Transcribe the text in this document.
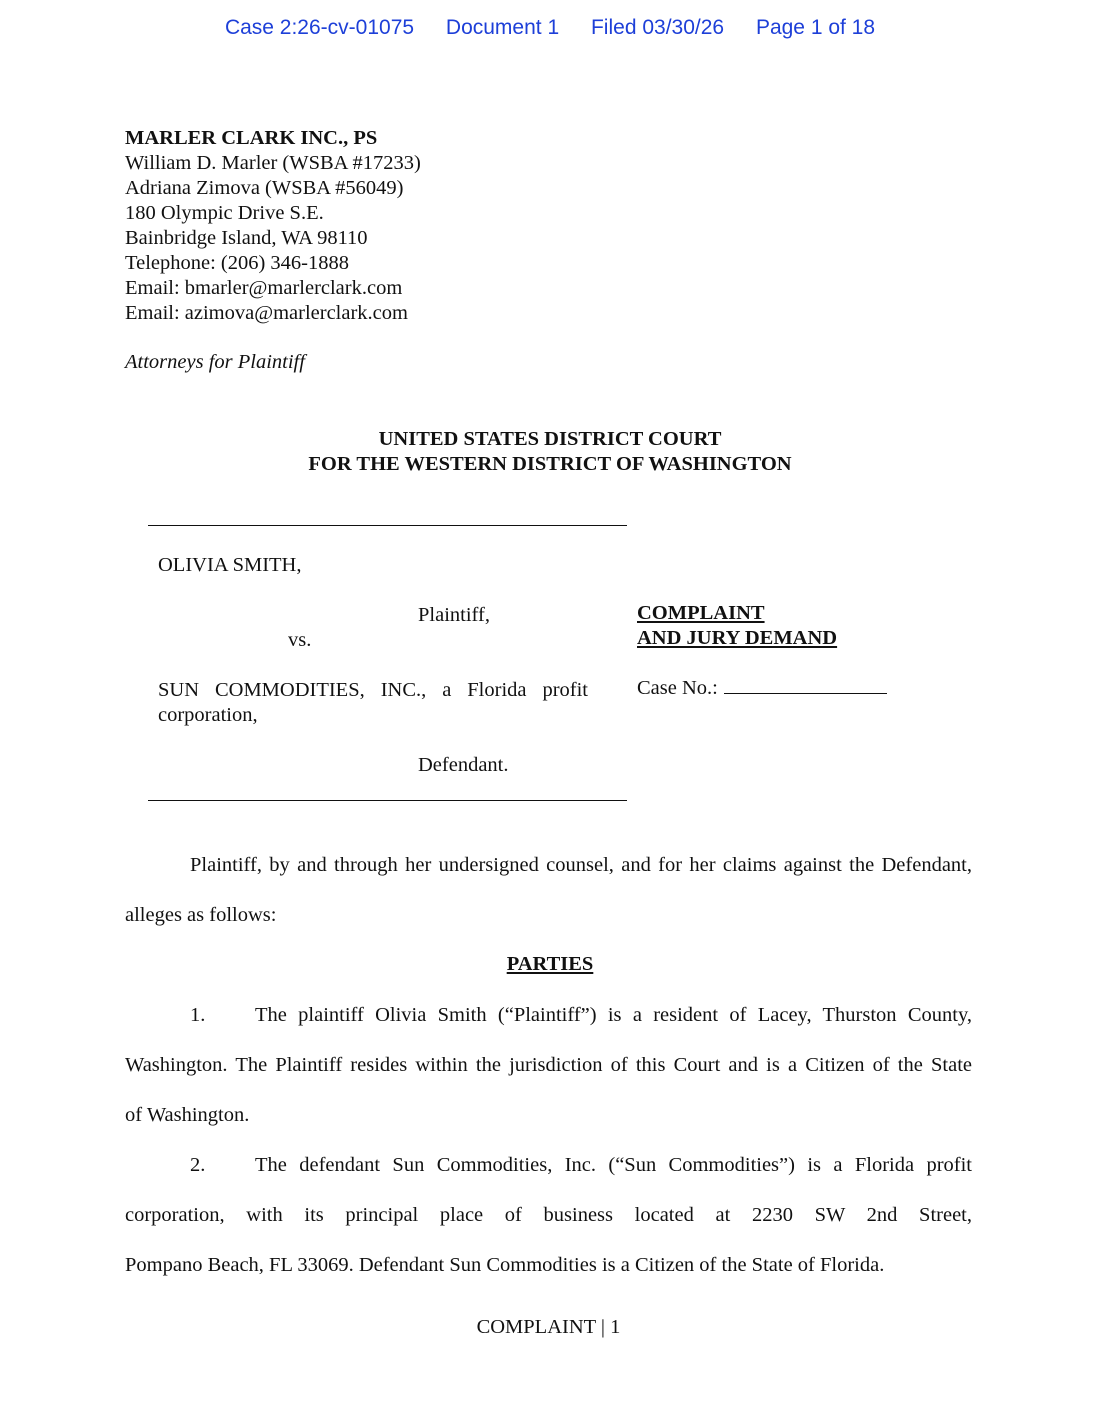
Case 2:26-cv-01075 Document 1 Filed 03/30/26 Page 1 of 18
MARLER CLARK INC., PS
William D. Marler (WSBA #17233)
Adriana Zimova (WSBA #56049)
180 Olympic Drive S.E.
Bainbridge Island, WA 98110
Telephone: (206) 346-1888
Email: bmarler@marlerclark.com
Email: azimova@marlerclark.com
Attorneys for Plaintiff
UNITED STATES DISTRICT COURT
FOR THE WESTERN DISTRICT OF WASHINGTON
OLIVIA SMITH,
Plaintiff,
vs.
SUN COMMODITIES, INC., a Florida profit corporation,
Defendant.
COMPLAINT
AND JURY DEMAND
Case No.:
Plaintiff, by and through her undersigned counsel, and for her claims against the Defendant,
alleges as follows:
PARTIES
1. The plaintiff Olivia Smith (“Plaintiff”) is a resident of Lacey, Thurston County,
Washington. The Plaintiff resides within the jurisdiction of this Court and is a Citizen of the State
of Washington.
2. The defendant Sun Commodities, Inc. (“Sun Commodities”) is a Florida profit
corporation, with its principal place of business located at 2230 SW 2nd Street,
Pompano Beach, FL 33069. Defendant Sun Commodities is a Citizen of the State of Florida.
COMPLAINT | 1
